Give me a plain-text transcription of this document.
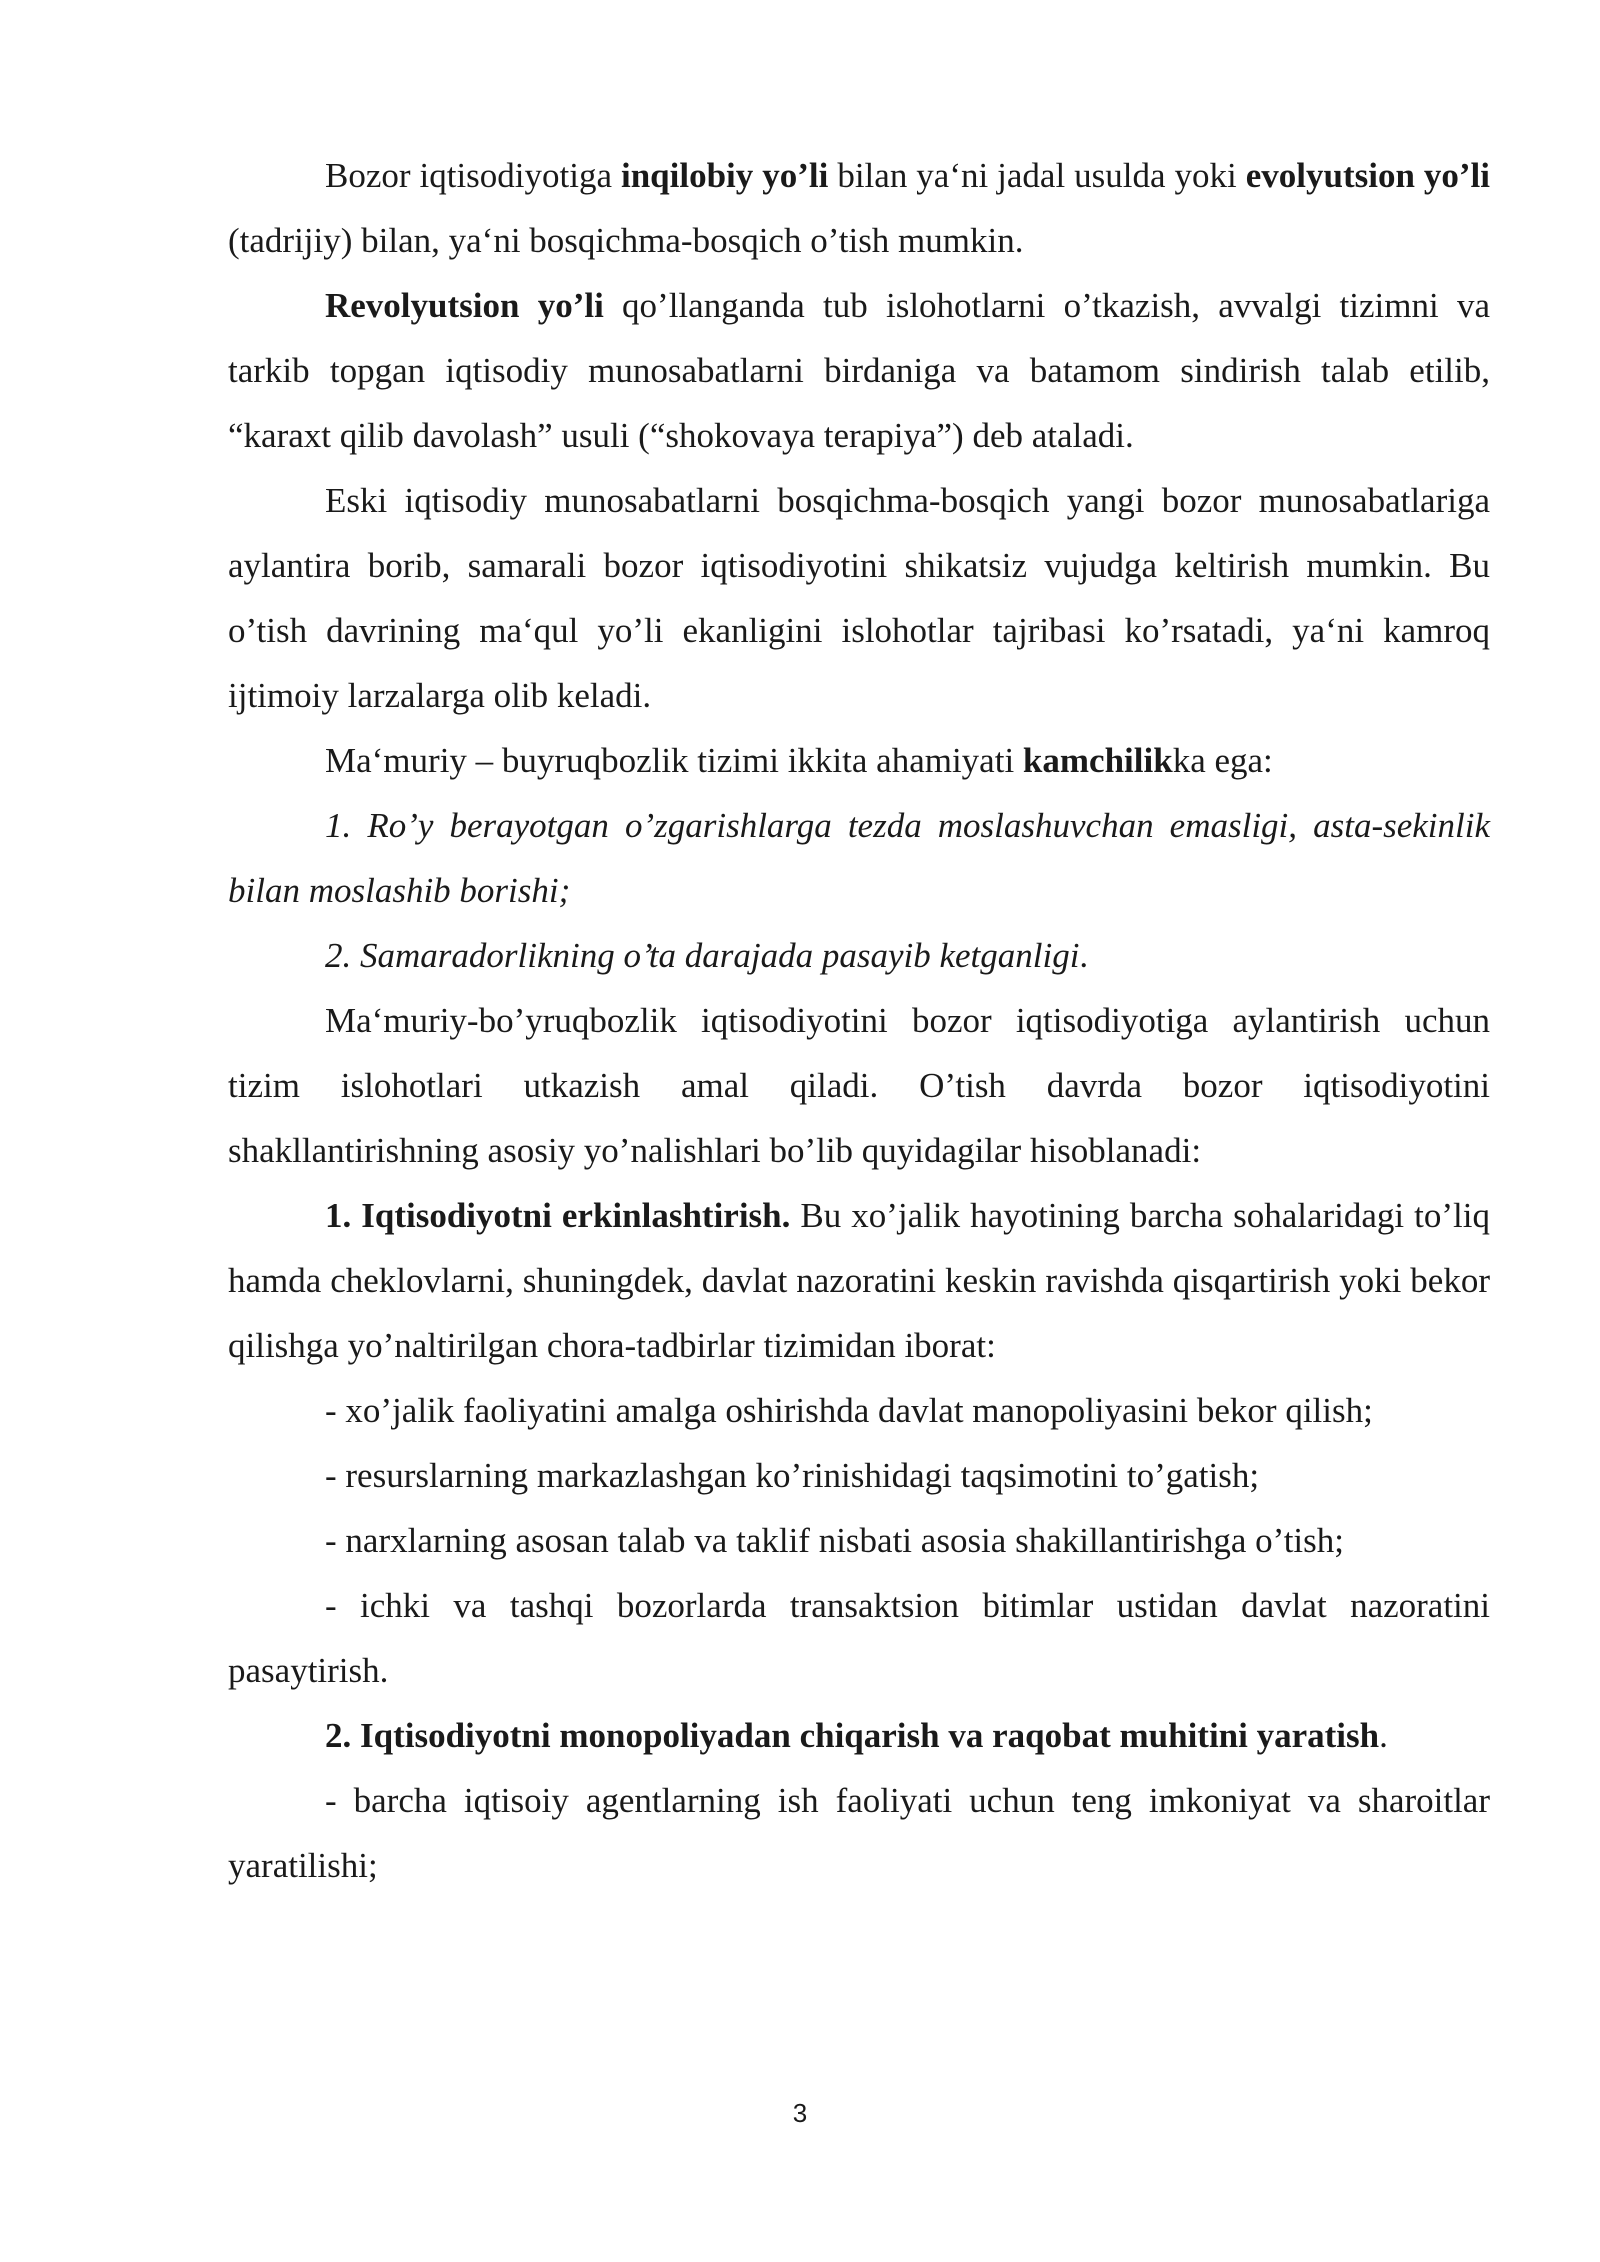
Bozor iqtisodiyotiga inqilobiy yo’li bilan ya‘ni jadal usulda yoki evolyutsion yo’li (tadrijiy) bilan, ya‘ni bosqichma-bosqich o’tish mumkin.

Revolyutsion yo’li qo’llanganda tub islohotlarni o’tkazish, avvalgi tizimni va tarkib topgan iqtisodiy munosabatlarni birdaniga va batamom sindirish talab etilib, “karaxt qilib davolash” usuli (“shokovaya terapiya”) deb ataladi.

Eski iqtisodiy munosabatlarni bosqichma-bosqich yangi bozor munosabatlariga aylantira borib, samarali bozor iqtisodiyotini shikatsiz vujudga keltirish mumkin. Bu o’tish davrining ma‘qul yo’li ekanligini islohotlar tajribasi ko’rsatadi, ya‘ni kamroq ijtimoiy larzalarga olib keladi.

Ma‘muriy – buyruqbozlik tizimi ikkita ahamiyati kamchilikka ega:

1. Ro’y berayotgan o’zgarishlarga tezda moslashuvchan emasligi, asta-sekinlik bilan moslashib borishi;

2. Samaradorlikning o’ta darajada pasayib ketganligi.

Ma‘muriy-bo’yruqbozlik iqtisodiyotini bozor iqtisodiyotiga aylantirish uchun tizim islohotlari utkazish amal qiladi. O’tish davrda bozor iqtisodiyotini shakllantirishning asosiy yo’nalishlari bo’lib quyidagilar hisoblanadi:

1. Iqtisodiyotni erkinlashtirish. Bu xo’jalik hayotining barcha sohalaridagi to’liq hamda cheklovlarni, shuningdek, davlat nazoratini keskin ravishda qisqartirish yoki bekor qilishga yo’naltirilgan chora-tadbirlar tizimidan iborat:

- xo’jalik faoliyatini amalga oshirishda davlat manopoliyasini bekor qilish;

- resurslarning markazlashgan ko’rinishidagi taqsimotini to’gatish;

- narxlarning asosan talab va taklif nisbati asosia shakillantirishga o’tish;

- ichki va tashqi bozorlarda transaktsion bitimlar ustidan davlat nazoratini pasaytirish.

2. Iqtisodiyotni monopoliyadan chiqarish va raqobat muhitini yaratish.

- barcha iqtisoiy agentlarning ish faoliyati uchun teng imkoniyat va sharoitlar yaratilishi;

3
